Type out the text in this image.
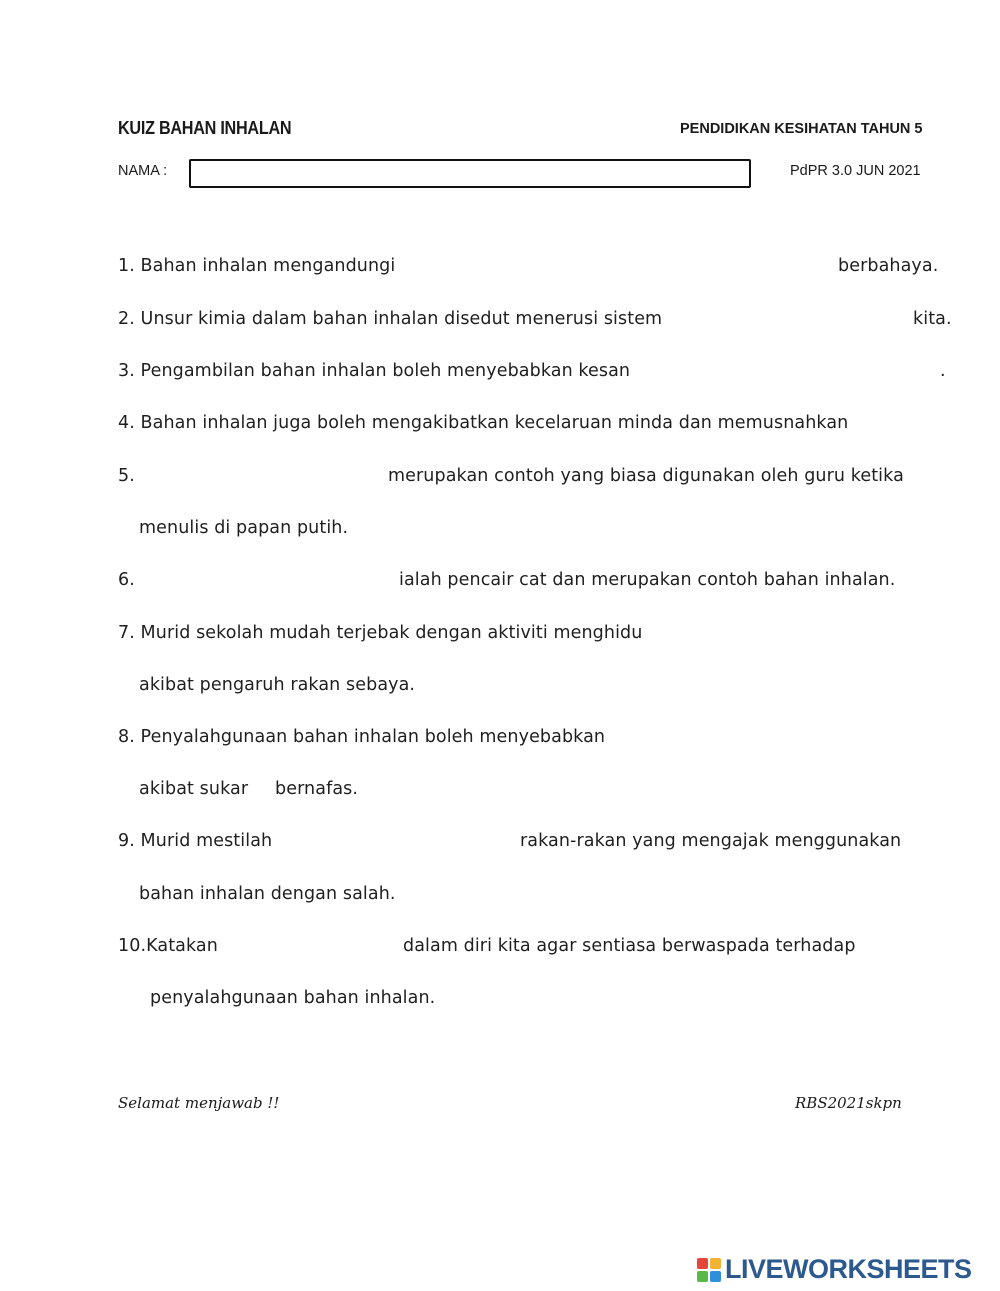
KUIZ BAHAN INHALAN	PENDIDIKAN KESIHATAN TAHUN 5
NAMA :	PdPR 3.0 JUN 2021
1. Bahan inhalan mengandungi	berbahaya.
2. Unsur kimia dalam bahan inhalan disedut menerusi sistem	kita.
3. Pengambilan bahan inhalan boleh menyebabkan kesan	.
4. Bahan inhalan juga boleh mengakibatkan kecelaruan minda dan memusnahkan
5.	merupakan contoh yang biasa digunakan oleh guru ketika
menulis di papan putih.
6.	ialah pencair cat dan merupakan contoh bahan inhalan.
7. Murid sekolah mudah terjebak dengan aktiviti menghidu
akibat pengaruh rakan sebaya.
8. Penyalahgunaan bahan inhalan boleh menyebabkan
akibat sukar bernafas.
9. Murid mestilah	rakan-rakan yang mengajak menggunakan
bahan inhalan dengan salah.
10.Katakan	dalam diri kita agar sentiasa berwaspada terhadap
penyalahgunaan bahan inhalan.
Selamat menjawab !!	RBS2021skpn
LIVEWORKSHEETS
